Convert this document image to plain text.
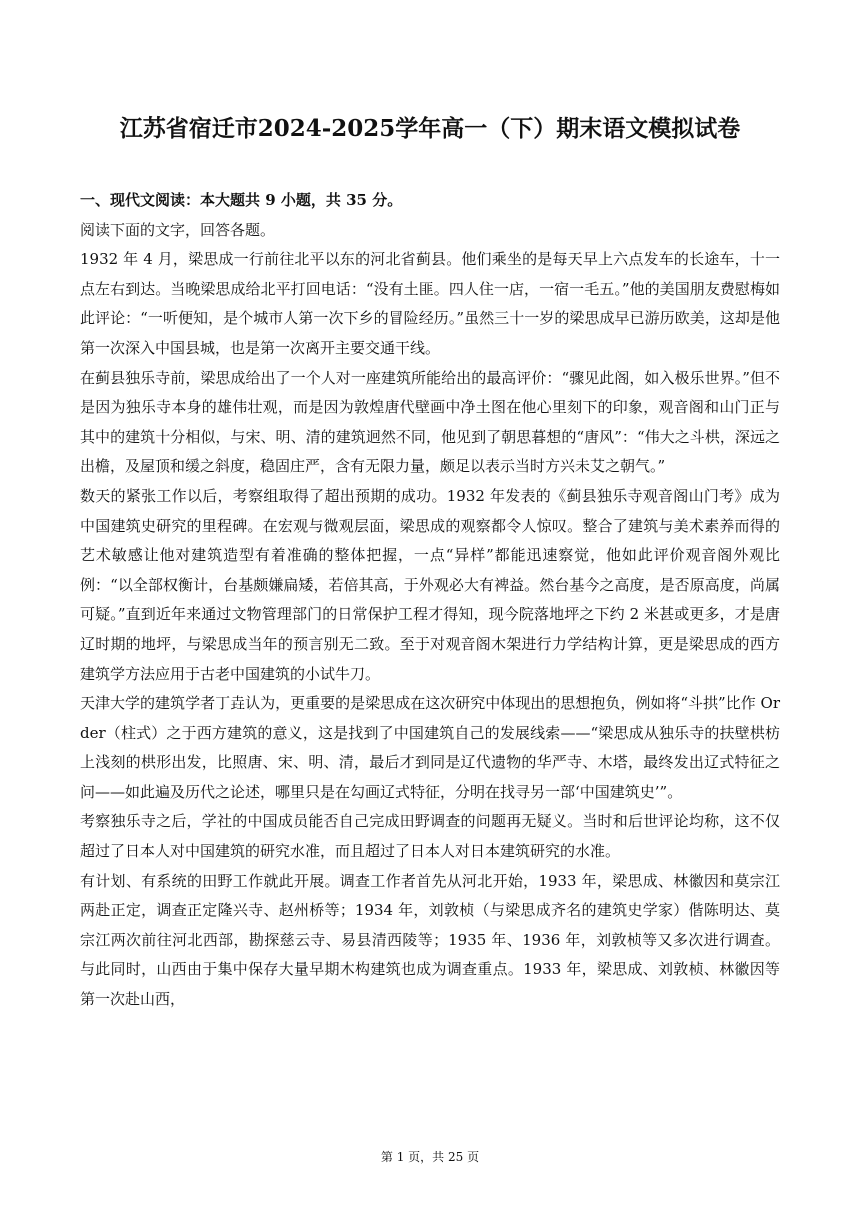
江苏省宿迁市2024-2025学年高一（下）期末语文模拟试卷

一、现代文阅读：本大题共 9 小题，共 35 分。

阅读下面的文字，回答各题。

1932 年 4 月，梁思成一行前往北平以东的河北省蓟县。他们乘坐的是每天早上六点发车的长途车，十一点左右到达。当晚梁思成给北平打回电话：“没有土匪。四人住一店，一宿一毛五。”他的美国朋友费慰梅如此评论：“一听便知，是个城市人第一次下乡的冒险经历。”虽然三十一岁的梁思成早已游历欧美，这却是他第一次深入中国县城，也是第一次离开主要交通干线。

在蓟县独乐寺前，梁思成给出了一个人对一座建筑所能给出的最高评价：“骤见此阁，如入极乐世界。”但不是因为独乐寺本身的雄伟壮观，而是因为敦煌唐代壁画中净土图在他心里刻下的印象，观音阁和山门正与其中的建筑十分相似，与宋、明、清的建筑迥然不同，他见到了朝思暮想的“唐风”：“伟大之斗栱，深远之出檐，及屋顶和缓之斜度，稳固庄严，含有无限力量，颇足以表示当时方兴未艾之朝气。”

数天的紧张工作以后，考察组取得了超出预期的成功。1932 年发表的《蓟县独乐寺观音阁山门考》成为中国建筑史研究的里程碑。在宏观与微观层面，梁思成的观察都令人惊叹。整合了建筑与美术素养而得的艺术敏感让他对建筑造型有着准确的整体把握，一点“异样”都能迅速察觉，他如此评价观音阁外观比例：“以全部权衡计，台基颇嫌扁矮，若倍其高，于外观必大有裨益。然台基今之高度，是否原高度，尚属可疑。”直到近年来通过文物管理部门的日常保护工程才得知，现今院落地坪之下约 2 米甚或更多，才是唐辽时期的地坪，与梁思成当年的预言别无二致。至于对观音阁木架进行力学结构计算，更是梁思成的西方建筑学方法应用于古老中国建筑的小试牛刀。

天津大学的建筑学者丁垚认为，更重要的是梁思成在这次研究中体现出的思想抱负，例如将“斗拱”比作 Order（柱式）之于西方建筑的意义，这是找到了中国建筑自己的发展线索——“梁思成从独乐寺的扶壁栱枋上浅刻的栱形出发，比照唐、宋、明、清，最后才到同是辽代遗物的华严寺、木塔，最终发出辽式特征之问——如此遍及历代之论述，哪里只是在勾画辽式特征，分明在找寻另一部‘中国建筑史’”。

考察独乐寺之后，学社的中国成员能否自己完成田野调查的问题再无疑义。当时和后世评论均称，这不仅超过了日本人对中国建筑的研究水准，而且超过了日本人对日本建筑研究的水准。

有计划、有系统的田野工作就此开展。调查工作者首先从河北开始，1933 年，梁思成、林徽因和莫宗江两赴正定，调查正定隆兴寺、赵州桥等；1934 年，刘敦桢（与梁思成齐名的建筑史学家）偕陈明达、莫宗江两次前往河北西部，勘探慈云寺、易县清西陵等；1935 年、1936 年，刘敦桢等又多次进行调查。与此同时，山西由于集中保存大量早期木构建筑也成为调查重点。1933 年，梁思成、刘敦桢、林徽因等第一次赴山西，

第 1 页，共 25 页
